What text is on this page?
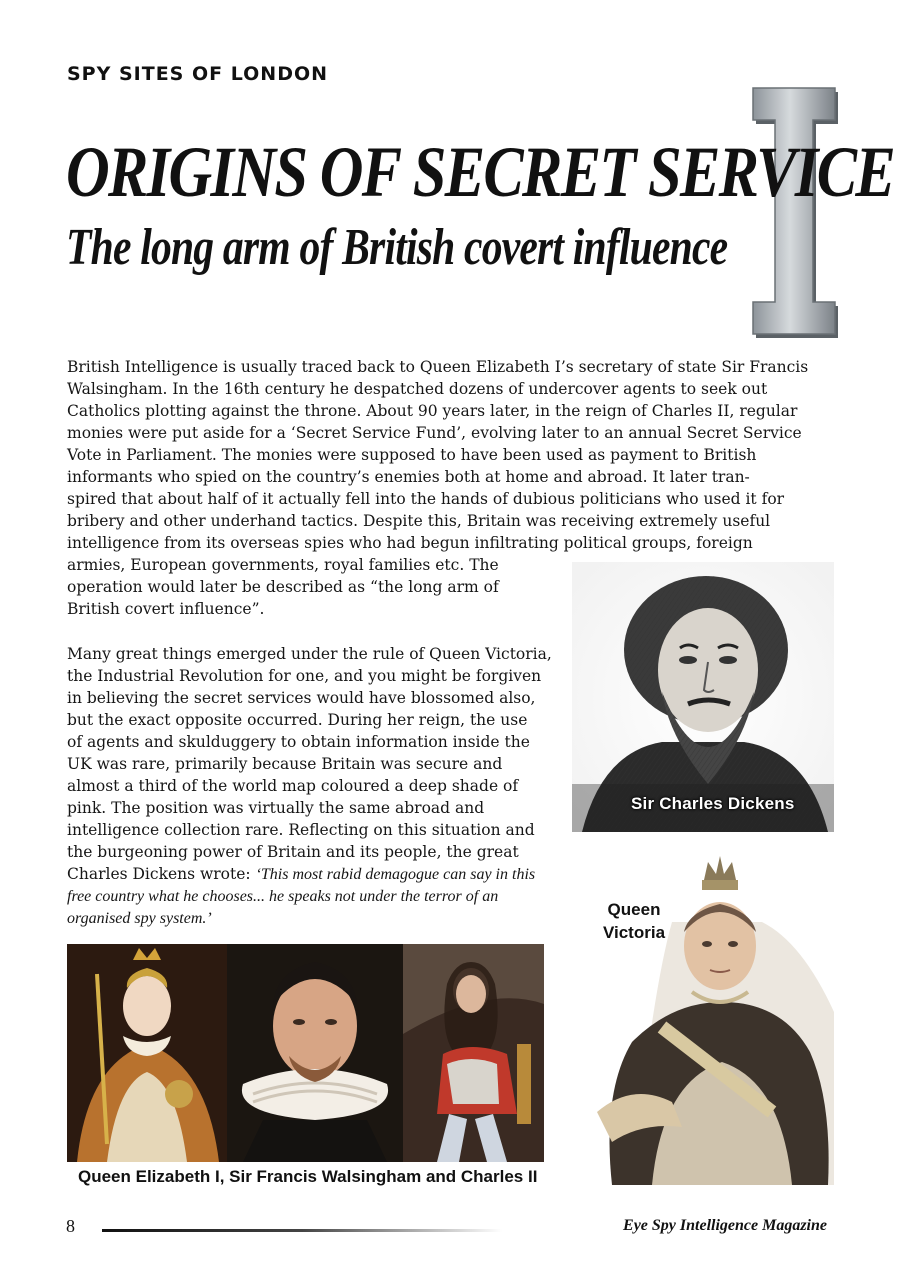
SPY SITES OF LONDON
ORIGINS OF SECRET SERVICE
The long arm of British covert influence
British Intelligence is usually traced back to Queen Elizabeth I’s secretary of state Sir Francis
Walsingham. In the 16th century he despatched dozens of undercover agents to seek out
Catholics plotting against the throne. About 90 years later, in the reign of Charles II, regular
monies were put aside for a ‘Secret Service Fund’, evolving later to an annual Secret Service
Vote in Parliament. The monies were supposed to have been used as payment to British
informants who spied on the country’s enemies both at home and abroad. It later tran-
spired that about half of it actually fell into the hands of dubious politicians who used it for
bribery and other underhand tactics. Despite this, Britain was receiving extremely useful
intelligence from its overseas spies who had begun infiltrating political groups, foreign
armies, European governments, royal families etc. The
operation would later be described as “the long arm of
British covert influence”.
Many great things emerged under the rule of Queen Victoria,
the Industrial Revolution for one, and you might be forgiven
in believing the secret services would have blossomed also,
but the exact opposite occurred. During her reign, the use
of agents and skulduggery to obtain information inside the
UK was rare, primarily because Britain was secure and
almost a third of the world map coloured a deep shade of
pink. The position was virtually the same abroad and
intelligence collection rare. Reflecting on this situation and
the burgeoning power of Britain and its people, the great
Charles Dickens wrote: ‘This most rabid demagogue can say in this
free country what he chooses... he speaks not under the terror of an
organised spy system.’
Sir Charles Dickens
Queen
Victoria
Queen Elizabeth I, Sir Francis Walsingham and Charles II
8	Eye Spy Intelligence Magazine
